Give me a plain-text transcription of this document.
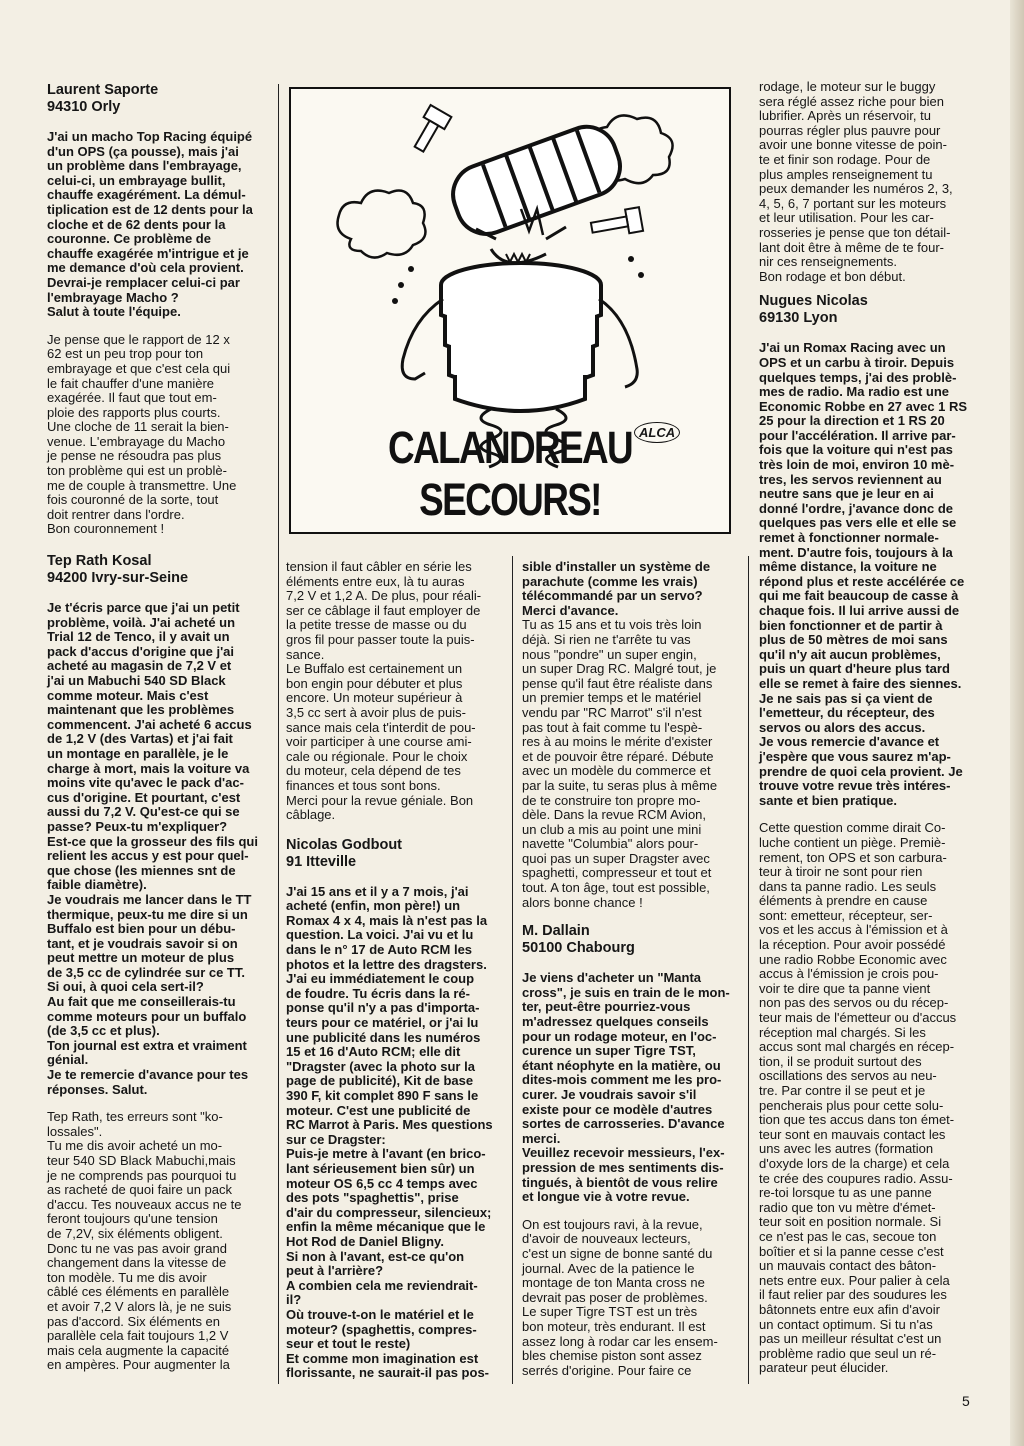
Laurent Saporte
94310 Orly

J'ai un macho Top Racing équipé
d'un OPS (ça pousse), mais j'ai
un problème dans l'embrayage,
celui-ci, un embrayage bullit,
chauffe exagérément. La démul-
tiplication est de 12 dents pour la
cloche et de 62 dents pour la
couronne. Ce problème de
chauffe exagérée m'intrigue et je
me demance d'où cela provient.
Devrai-je remplacer celui-ci par
l'embrayage Macho ?
Salut à toute l'équipe.

Je pense que le rapport de 12 x
62 est un peu trop pour ton
embrayage et que c'est cela qui
le fait chauffer d'une manière
exagérée. Il faut que tout em-
ploie des rapports plus courts.
Une cloche de 11 serait la bien-
venue. L'embrayage du Macho
je pense ne résoudra pas plus
ton problème qui est un problè-
me de couple à transmettre. Une
fois couronné de la sorte, tout
doit rentrer dans l'ordre.
Bon couronnement !

Tep Rath Kosal
94200 Ivry-sur-Seine

Je t'écris parce que j'ai un petit
problème, voilà. J'ai acheté un
Trial 12 de Tenco, il y avait un
pack d'accus d'origine que j'ai
acheté au magasin de 7,2 V et
j'ai un Mabuchi 540 SD Black
comme moteur. Mais c'est
maintenant que les problèmes
commencent. J'ai acheté 6 accus
de 1,2 V (des Vartas) et j'ai fait
un montage en parallèle, je le
charge à mort, mais la voiture va
moins vite qu'avec le pack d'ac-
cus d'origine. Et pourtant, c'est
aussi du 7,2 V. Qu'est-ce qui se
passe? Peux-tu m'expliquer?
Est-ce que la grosseur des fils qui
relient les accus y est pour quel-
que chose (les miennes snt de
faible diamètre).
Je voudrais me lancer dans le TT
thermique, peux-tu me dire si un
Buffalo est bien pour un débu-
tant, et je voudrais savoir si on
peut mettre un moteur de plus
de 3,5 cc de cylindrée sur ce TT.
Si oui, à quoi cela sert-il?
Au fait que me conseillerais-tu
comme moteurs pour un buffalo
(de 3,5 cc et plus).
Ton journal est extra et vraiment
génial.
Je te remercie d'avance pour tes
réponses. Salut.

Tep Rath, tes erreurs sont "ko-
lossales".
Tu me dis avoir acheté un mo-
teur 540 SD Black Mabuchi,mais
je ne comprends pas pourquoi tu
as racheté de quoi faire un pack
d'accu. Tes nouveaux accus ne te
feront toujours qu'une tension
de 7,2V, six éléments obligent.
Donc tu ne vas pas avoir grand
changement dans la vitesse de
ton modèle. Tu me dis avoir
câblé ces éléments en parallèle
et avoir 7,2 V alors là, je ne suis
pas d'accord. Six éléments en
parallèle cela fait toujours 1,2 V
mais cela augmente la capacité
en ampères. Pour augmenter la

ALCA
CALANDREAU SECOURS!

tension il faut câbler en série les
éléments entre eux, là tu auras
7,2 V et 1,2 A. De plus, pour réali-
ser ce câblage il faut employer de
la petite tresse de masse ou du
gros fil pour passer toute la puis-
sance.
Le Buffalo est certainement un
bon engin pour débuter et plus
encore. Un moteur supérieur à
3,5 cc sert à avoir plus de puis-
sance mais cela t'interdit de pou-
voir participer à une course ami-
cale ou régionale. Pour le choix
du moteur, cela dépend de tes
finances et tous sont bons.
Merci pour la revue géniale. Bon
câblage.

Nicolas Godbout
91 Itteville

J'ai 15 ans et il y a 7 mois, j'ai
acheté (enfin, mon père!) un
Romax 4 x 4, mais là n'est pas la
question. La voici. J'ai vu et lu
dans le n° 17 de Auto RCM les
photos et la lettre des dragsters.
J'ai eu immédiatement le coup
de foudre. Tu écris dans la ré-
ponse qu'il n'y a pas d'importa-
teurs pour ce matériel, or j'ai lu
une publicité dans les numéros
15 et 16 d'Auto RCM; elle dit
"Dragster (avec la photo sur la
page de publicité), Kit de base
390 F, kit complet 890 F sans le
moteur. C'est une publicité de
RC Marrot à Paris. Mes questions
sur ce Dragster:
Puis-je metre à l'avant (en brico-
lant sérieusement bien sûr) un
moteur OS 6,5 cc 4 temps avec
des pots "spaghettis", prise
d'air du compresseur, silencieux;
enfin la même mécanique que le
Hot Rod de Daniel Bligny.
Si non à l'avant, est-ce qu'on
peut à l'arrière?
A combien cela me reviendrait-
il?
Où trouve-t-on le matériel et le
moteur? (spaghettis, compres-
seur et tout le reste)
Et comme mon imagination est
florissante, ne saurait-il pas pos-

sible d'installer un système de
parachute (comme les vrais)
télécommandé par un servo?
Merci d'avance.

Tu as 15 ans et tu vois très loin
déjà. Si rien ne t'arrête tu vas
nous "pondre" un super engin,
un super Drag RC. Malgré tout, je
pense qu'il faut être réaliste dans
un premier temps et le matériel
vendu par "RC Marrot" s'il n'est
pas tout à fait comme tu l'espè-
res à au moins le mérite d'exister
et de pouvoir être réparé. Débute
avec un modèle du commerce et
par la suite, tu seras plus à même
de te construire ton propre mo-
dèle. Dans la revue RCM Avion,
un club a mis au point une mini
navette "Columbia" alors pour-
quoi pas un super Dragster avec
spaghetti, compresseur et tout et
tout. A ton âge, tout est possible,
alors bonne chance !

M. Dallain
50100 Chabourg

Je viens d'acheter un "Manta
cross", je suis en train de le mon-
ter, peut-être pourriez-vous
m'adressez quelques conseils
pour un rodage moteur, en l'oc-
curence un super Tigre TST,
étant néophyte en la matière, ou
dites-mois comment me les pro-
curer. Je voudrais savoir s'il
existe pour ce modèle d'autres
sortes de carrosseries. D'avance
merci.
Veuillez recevoir messieurs, l'ex-
pression de mes sentiments dis-
tingués, à bientôt de vous relire
et longue vie à votre revue.

On est toujours ravi, à la revue,
d'avoir de nouveaux lecteurs,
c'est un signe de bonne santé du
journal. Avec de la patience le
montage de ton Manta cross ne
devrait pas poser de problèmes.
Le super Tigre TST est un très
bon moteur, très endurant. Il est
assez long à rodar car les ensem-
bles chemise piston sont assez
serrés d'origine. Pour faire ce

rodage, le moteur sur le buggy
sera réglé assez riche pour bien
lubrifier. Après un réservoir, tu
pourras régler plus pauvre pour
avoir une bonne vitesse de poin-
te et finir son rodage. Pour de
plus amples renseignement tu
peux demander les numéros 2, 3,
4, 5, 6, 7 portant sur les moteurs
et leur utilisation. Pour les car-
rosseries je pense que ton détail-
lant doit être à même de te four-
nir ces renseignements.
Bon rodage et bon début.

Nugues Nicolas
69130 Lyon

J'ai un Romax Racing avec un
OPS et un carbu à tiroir. Depuis
quelques temps, j'ai des problè-
mes de radio. Ma radio est une
Economic Robbe en 27 avec 1 RS
25 pour la direction et 1 RS 20
pour l'accélération. Il arrive par-
fois que la voiture qui n'est pas
très loin de moi, environ 10 mè-
tres, les servos reviennent au
neutre sans que je leur en ai
donné l'ordre, j'avance donc de
quelques pas vers elle et elle se
remet à fonctionner normale-
ment. D'autre fois, toujours à la
même distance, la voiture ne
répond plus et reste accélérée ce
qui me fait beaucoup de casse à
chaque fois. Il lui arrive aussi de
bien fonctionner et de partir à
plus de 50 mètres de moi sans
qu'il n'y ait aucun problèmes,
puis un quart d'heure plus tard
elle se remet à faire des siennes.
Je ne sais pas si ça vient de
l'emetteur, du récepteur, des
servos ou alors des accus.
Je vous remercie d'avance et
j'espère que vous saurez m'ap-
prendre de quoi cela provient. Je
trouve votre revue très intéres-
sante et bien pratique.

Cette question comme dirait Co-
luche contient un piège. Premiè-
rement, ton OPS et son carbura-
teur à tiroir ne sont pour rien
dans ta panne radio. Les seuls
éléments à prendre en cause
sont: emetteur, récepteur, ser-
vos et les accus à l'émission et à
la réception. Pour avoir possédé
une radio Robbe Economic avec
accus à l'émission je crois pou-
voir te dire que ta panne vient
non pas des servos ou du récep-
teur mais de l'émetteur ou d'accus
réception mal chargés. Si les
accus sont mal chargés en récep-
tion, il se produit surtout des
oscillations des servos au neu-
tre. Par contre il se peut et je
pencherais plus pour cette solu-
tion que tes accus dans ton émet-
teur sont en mauvais contact les
uns avec les autres (formation
d'oxyde lors de la charge) et cela
te crée des coupures radio. Assu-
re-toi lorsque tu as une panne
radio que ton vu mètre d'émet-
teur soit en position normale. Si
ce n'est pas le cas, secoue ton
boîtier et si la panne cesse c'est
un mauvais contact des bâton-
nets entre eux. Pour palier à cela
il faut relier par des soudures les
bâtonnets entre eux afin d'avoir
un contact optimum. Si tu n'as
pas un meilleur résultat c'est un
problème radio que seul un ré-
parateur peut élucider.

5
